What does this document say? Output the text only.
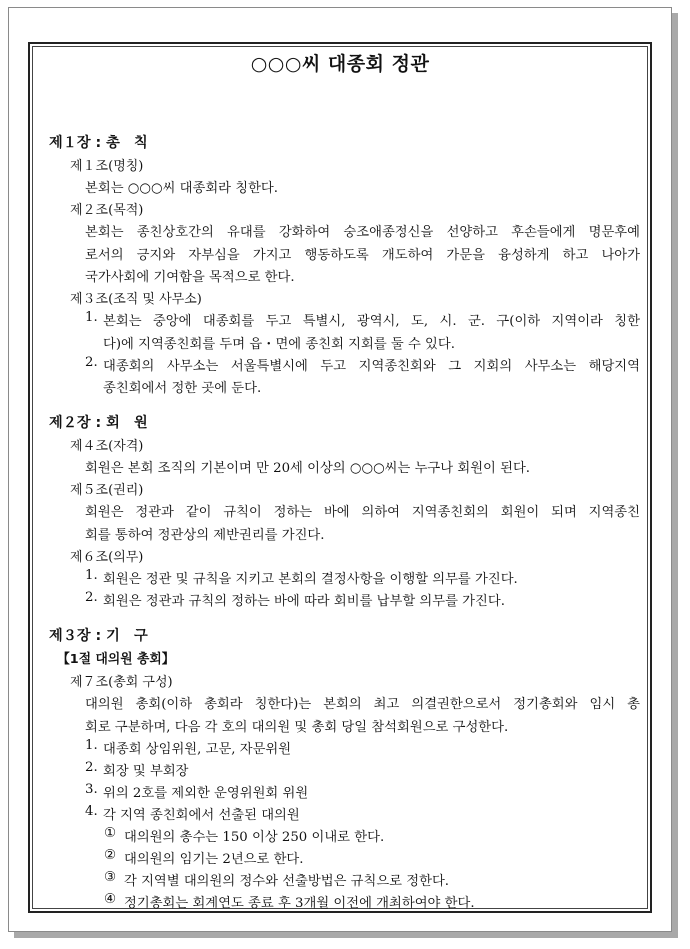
○○○씨 대종회 정관
제１장 : 총　칙
제１조(명칭)
본회는 ○○○씨 대종회라 칭한다.
제２조(목적)
본회는 종친상호간의 유대를 강화하여 숭조애종정신을 선양하고 후손들에게 명문후예
로서의 긍지와 자부심을 가지고 행동하도록 개도하여 가문을 융성하게 하고 나아가
국가사회에 기여함을 목적으로 한다.
제３조(조직 및 사무소)
1. 본회는 중앙에 대종회를 두고 특별시, 광역시, 도, 시. 군. 구(이하 지역이라 칭한
다)에 지역종친회를 두며 읍・면에 종친회 지회를 둘 수 있다.
2. 대종회의 사무소는 서울특별시에 두고 지역종친회와 그 지회의 사무소는 해당지역
종친회에서 정한 곳에 둔다.
제２장 : 회　원
제４조(자격)
회원은 본회 조직의 기본이며 만 20세 이상의 ○○○씨는 누구나 회원이 된다.
제５조(권리)
회원은 정관과 같이 규칙이 정하는 바에 의하여 지역종친회의 회원이 되며 지역종친
회를 통하여 정관상의 제반권리를 가진다.
제６조(의무)
1. 회원은 정관 및 규칙을 지키고 본회의 결정사항을 이행할 의무를 가진다.
2. 회원은 정관과 규칙의 정하는 바에 따라 회비를 납부할 의무를 가진다.
제３장 : 기　구
【1절 대의원 총회】
제７조(총회 구성)
대의원 총회(이하 총회라 칭한다)는 본회의 최고 의결권한으로서 정기총회와 임시 총
회로 구분하며, 다음 각 호의 대의원 및 총회 당일 참석회원으로 구성한다.
1. 대종회 상임위원, 고문, 자문위원
2. 회장 및 부회장
3. 위의 2호를 제외한 운영위원회 위원
4. 각 지역 종친회에서 선출된 대의원
① 대의원의 총수는 150 이상 250 이내로 한다.
② 대의원의 임기는 2년으로 한다.
③ 각 지역별 대의원의 정수와 선출방법은 규칙으로 정한다.
④ 정기총회는 회계연도 종료 후 3개월 이전에 개최하여야 한다.
